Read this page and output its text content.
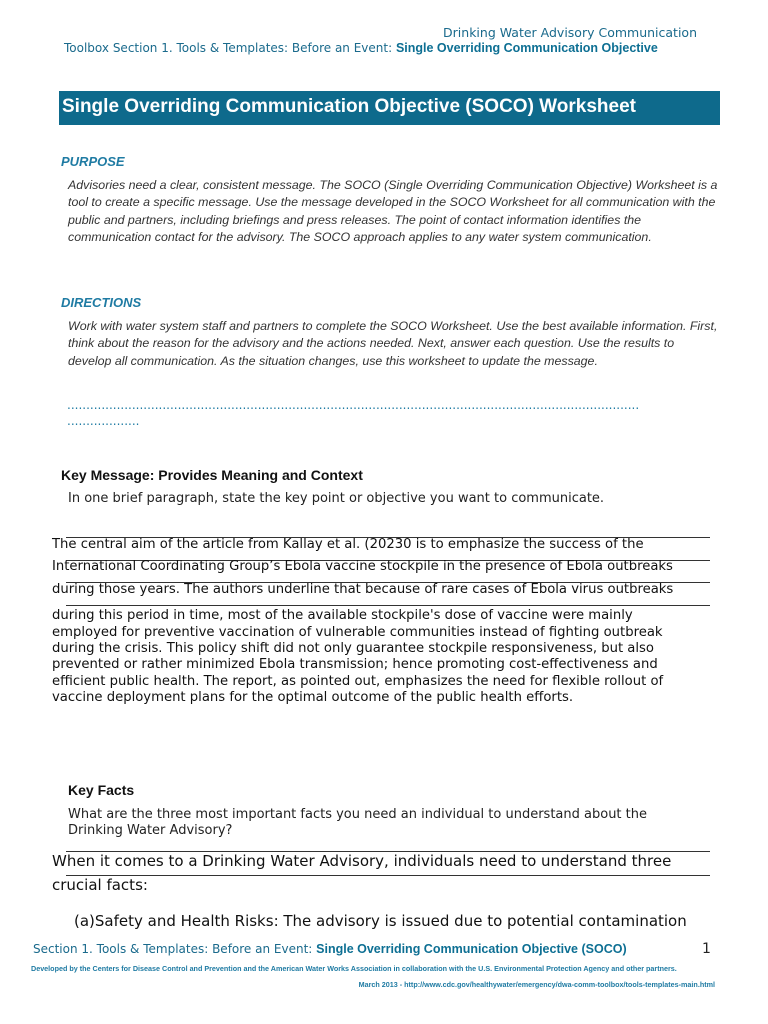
Drinking Water Advisory Communication
Toolbox Section 1. Tools & Templates: Before an Event: Single Overriding Communication Objective
Single Overriding Communication Objective (SOCO) Worksheet
PURPOSE
Advisories need a clear, consistent message. The SOCO (Single Overriding Communication Objective) Worksheet is a tool to create a specific message. Use the message developed in the SOCO Worksheet for all communication with the public and partners, including briefings and press releases. The point of contact information identifies the communication contact for the advisory. The SOCO approach applies to any water system communication.
DIRECTIONS
Work with water system staff and partners to complete the SOCO Worksheet. Use the best available information. First, think about the reason for the advisory and the actions needed. Next, answer each question. Use the results to develop all communication. As the situation changes, use this worksheet to update the message.
......................................................................................................................................................
...................
Key Message: Provides Meaning and Context
In one brief paragraph, state the key point or objective you want to communicate.
The central aim of the article from Kallay et al. (20230 is to emphasize the success of the
International Coordinating Group’s Ebola vaccine stockpile in the presence of Ebola outbreaks
during those years. The authors underline that because of rare cases of Ebola virus outbreaks
during this period in time, most of the available stockpile's dose of vaccine were mainly
employed for preventive vaccination of vulnerable communities instead of fighting outbreak
during the crisis. This policy shift did not only guarantee stockpile responsiveness, but also
prevented or rather minimized Ebola transmission; hence promoting cost-effectiveness and
efficient public health. The report, as pointed out, emphasizes the need for flexible rollout of
vaccine deployment plans for the optimal outcome of the public health efforts.
Key Facts
What are the three most important facts you need an individual to understand about the
Drinking Water Advisory?
When it comes to a Drinking Water Advisory, individuals need to understand three
crucial facts:
(a)Safety and Health Risks: The advisory is issued due to potential contamination
Section 1. Tools & Templates: Before an Event: Single Overriding Communication Objective (SOCO)	1
Developed by the Centers for Disease Control and Prevention and the American Water Works Association in collaboration with the U.S. Environmental Protection Agency and other partners.
March 2013 - http://www.cdc.gov/healthywater/emergency/dwa-comm-toolbox/tools-templates-main.html
